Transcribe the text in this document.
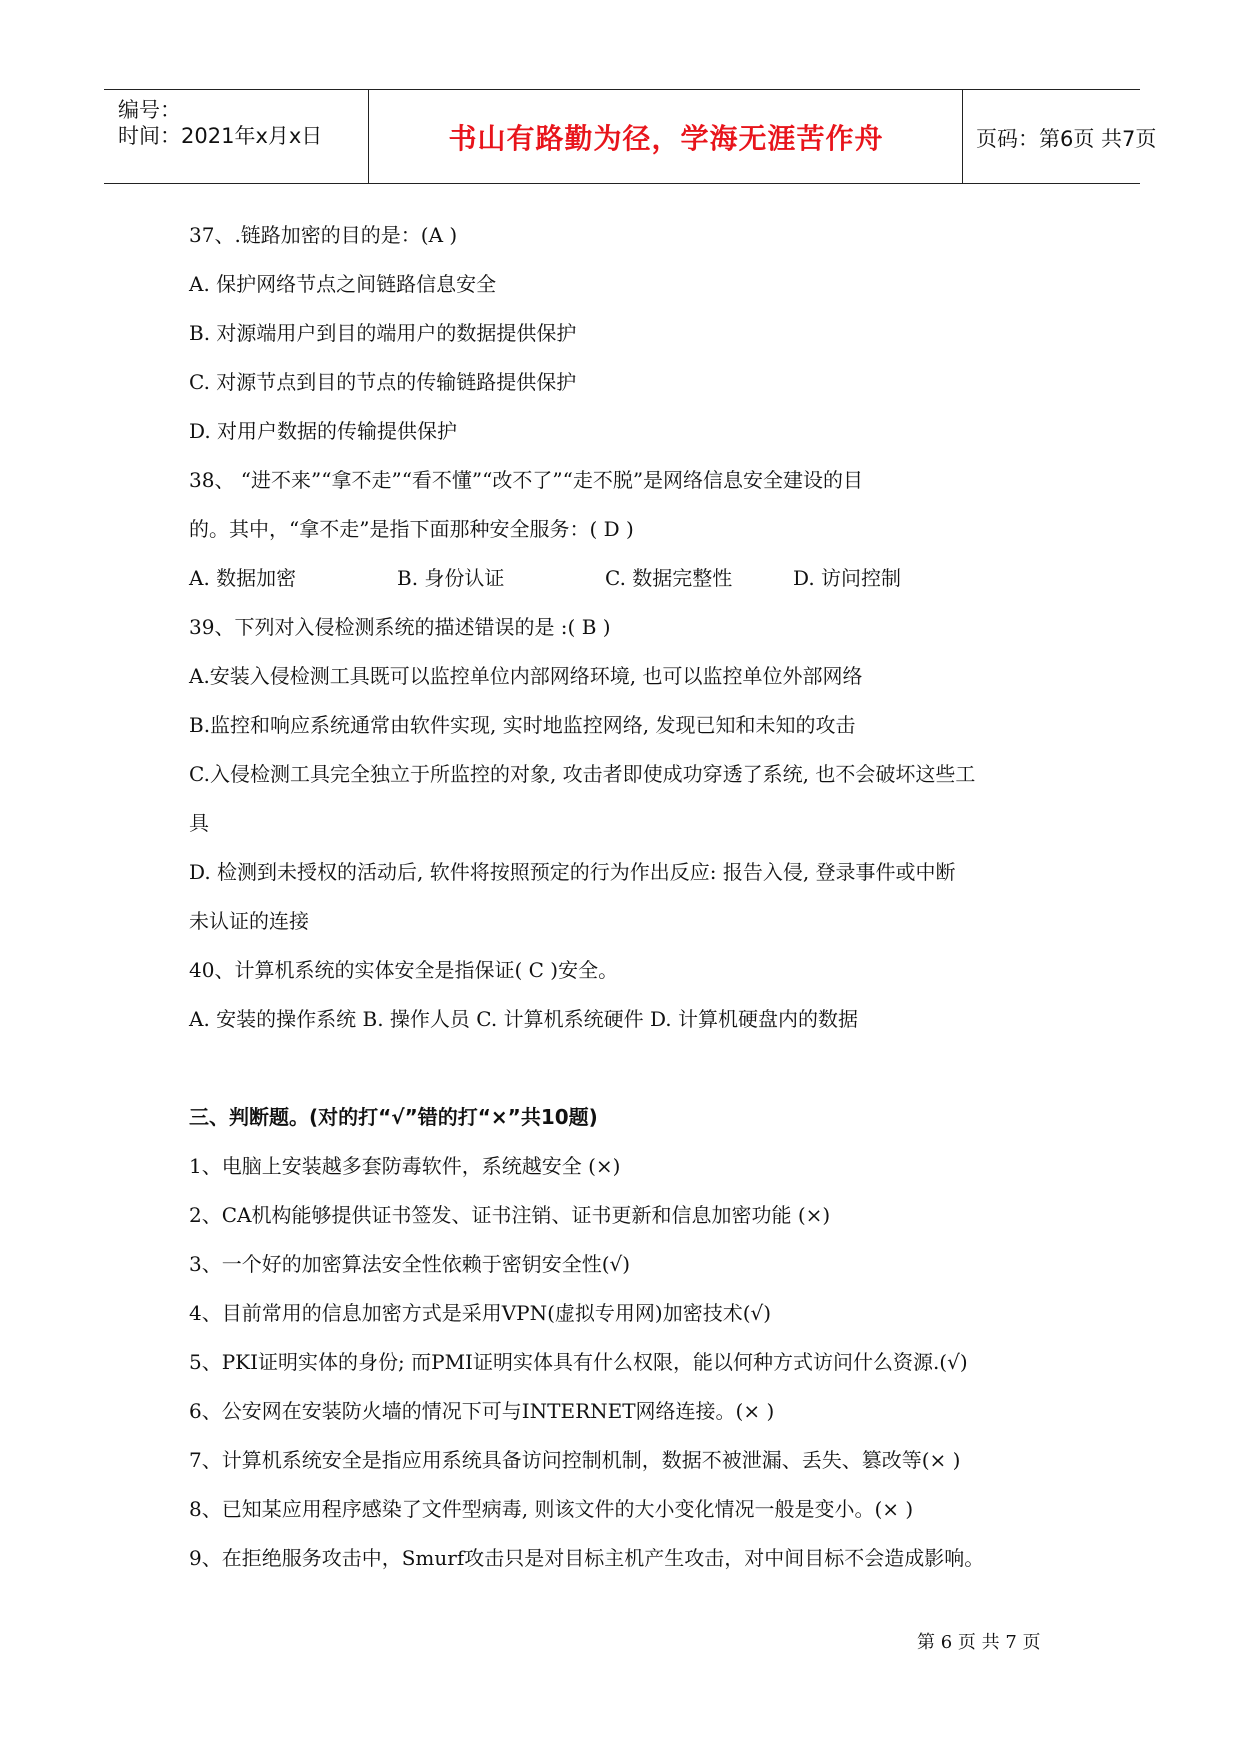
编号：
时间：2021年x月x日	书山有路勤为径，学海无涯苦作舟	页码：第6页 共7页
37、.链路加密的目的是：(A )
A. 保护网络节点之间链路信息安全
B. 对源端用户到目的端用户的数据提供保护
C. 对源节点到目的节点的传输链路提供保护
D. 对用户数据的传输提供保护
38、 “进不来”“拿不走”“看不懂”“改不了”“走不脱”是网络信息安全建设的目
的。其中，“拿不走”是指下面那种安全服务：( D )
A. 数据加密	B. 身份认证	C. 数据完整性	D. 访问控制
39、下列对入侵检测系统的描述错误的是 :( B )
A.安装入侵检测工具既可以监控单位内部网络环境, 也可以监控单位外部网络
B.监控和响应系统通常由软件实现, 实时地监控网络, 发现已知和未知的攻击
C.入侵检测工具完全独立于所监控的对象, 攻击者即使成功穿透了系统, 也不会破坏这些工
具
D. 检测到未授权的活动后, 软件将按照预定的行为作出反应: 报告入侵, 登录事件或中断
未认证的连接
40、计算机系统的实体安全是指保证( C )安全。
A. 安装的操作系统 B. 操作人员 C. 计算机系统硬件 D. 计算机硬盘内的数据
三、判断题。(对的打“√”错的打“×”共10题)
1、电脑上安装越多套防毒软件，系统越安全 (×)
2、CA机构能够提供证书签发、证书注销、证书更新和信息加密功能 (×)
3、一个好的加密算法安全性依赖于密钥安全性(√)
4、目前常用的信息加密方式是采用VPN(虚拟专用网)加密技术(√)
5、PKI证明实体的身份; 而PMI证明实体具有什么权限，能以何种方式访问什么资源.(√)
6、公安网在安装防火墙的情况下可与INTERNET网络连接。(× )
7、计算机系统安全是指应用系统具备访问控制机制，数据不被泄漏、丢失、篡改等(× )
8、已知某应用程序感染了文件型病毒, 则该文件的大小变化情况一般是变小。(× )
9、在拒绝服务攻击中，Smurf攻击只是对目标主机产生攻击，对中间目标不会造成影响。
第 6 页 共 7 页
